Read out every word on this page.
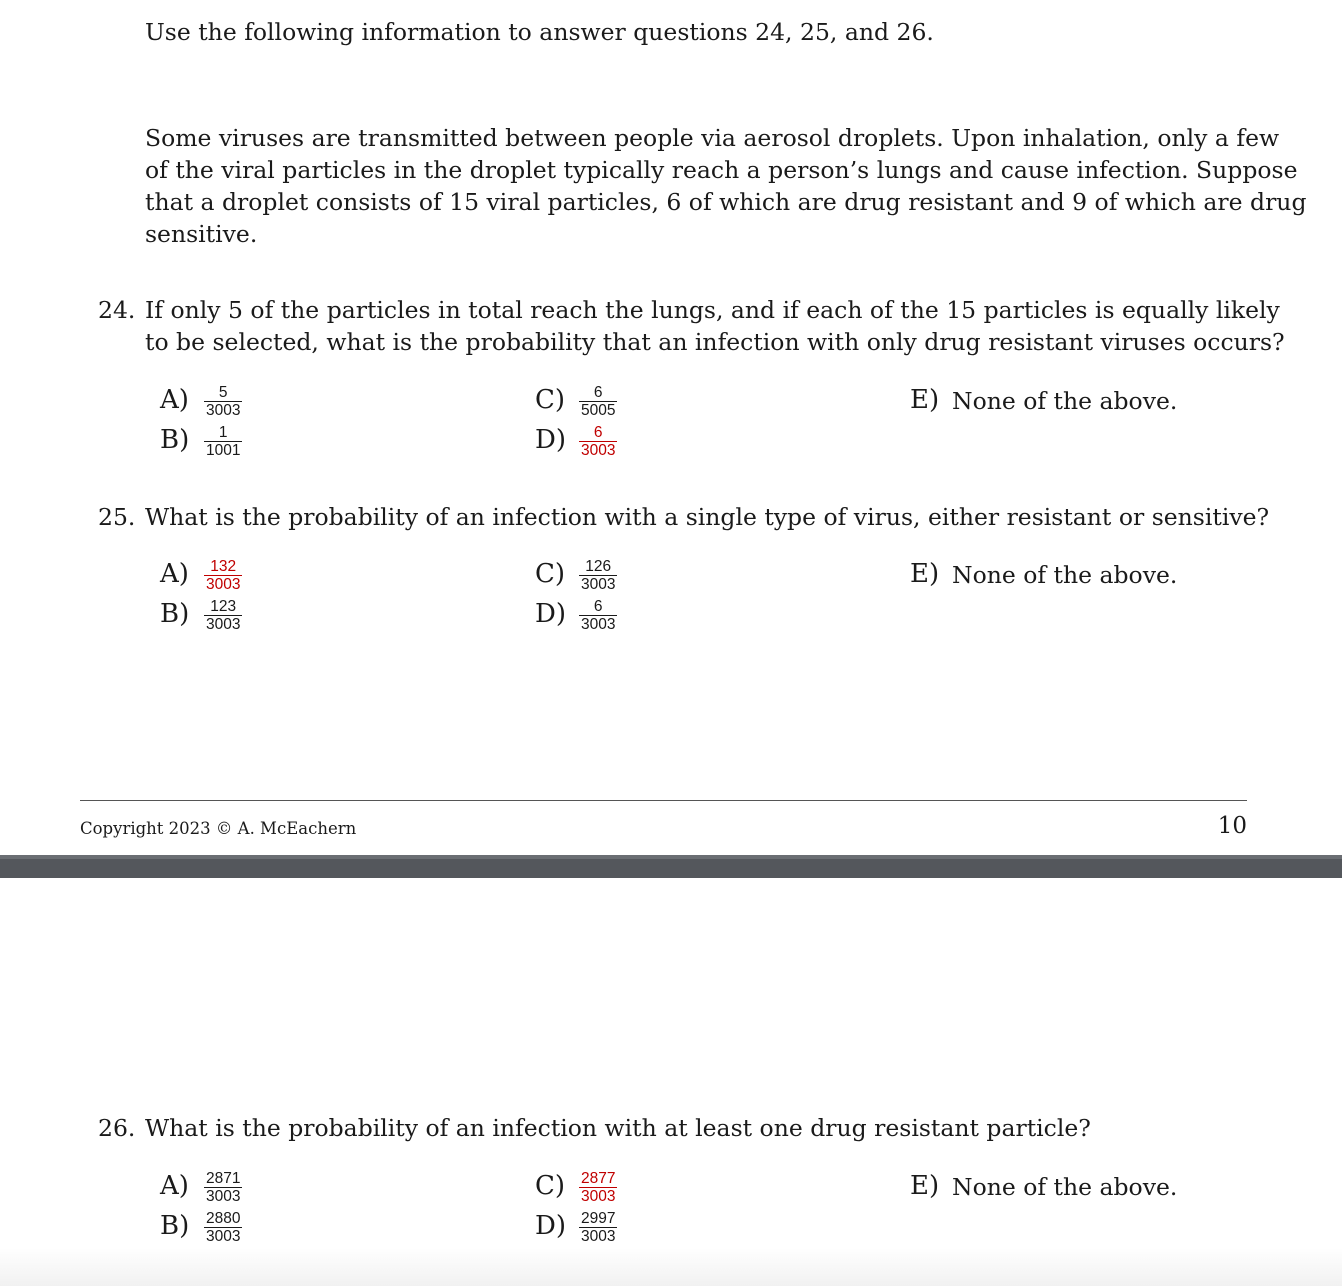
Use the following information to answer questions 24, 25, and 26.
Some viruses are transmitted between people via aerosol droplets. Upon inhalation, only a few
of the viral particles in the droplet typically reach a person’s lungs and cause infection. Suppose
that a droplet consists of 15 viral particles, 6 of which are drug resistant and 9 of which are drug
sensitive.
24. If only 5 of the particles in total reach the lungs, and if each of the 15 particles is equally likely
to be selected, what is the probability that an infection with only drug resistant viruses occurs?
$A) \frac{5}{3003}$
$B) \frac{1}{1001}$
$C) \frac{6}{5005}$
$D) \frac{6}{3003}$
E) None of the above.
25. What is the probability of an infection with a single type of virus, either resistant or sensitive?
$A) \frac{132}{3003}$
$B) \frac{123}{3003}$
$C) \frac{126}{3003}$
$D) \frac{6}{3003}$
E) None of the above.
Copyright 2023 © A. McEachern	10
26. What is the probability of an infection with at least one drug resistant particle?
$A) \frac{2871}{3003}$
$B) \frac{2880}{3003}$
$C) \frac{2877}{3003}$
$D) \frac{2997}{3003}$
E) None of the above.
